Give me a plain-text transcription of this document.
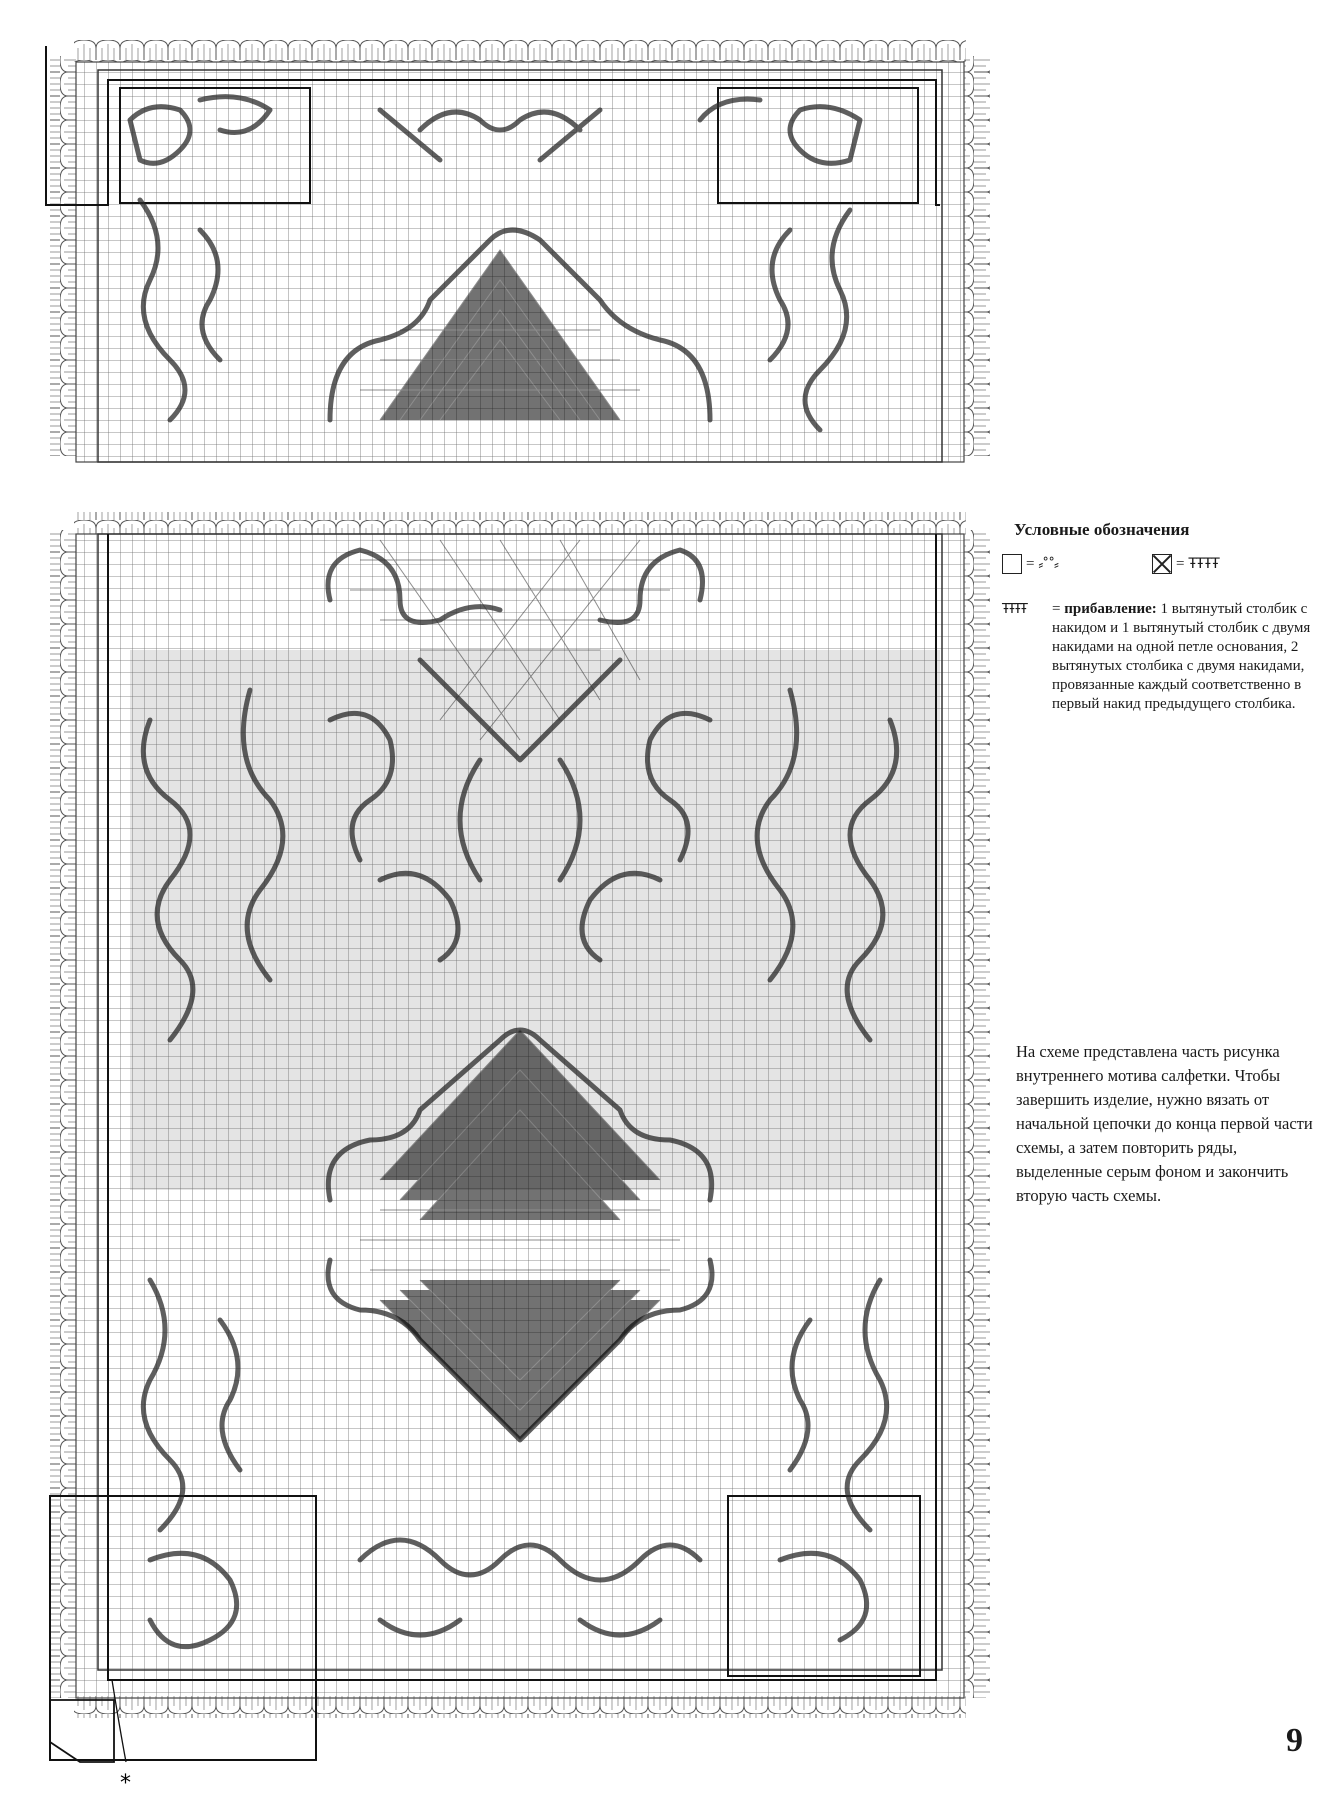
*
Условные обозначения
= ⸗˚˚⸗	= ŦŦŦŦ
ŦŦŦŦ = прибавление: 1 вытянутый столбик с накидом и 1 вытянутый столбик с двумя накидами на одной петле основания, 2 вытянутых столбика с двумя накидами, провязанные каждый соответственно в первый накид предыдущего столбика.
На схеме представлена часть рисунка внутреннего мотива салфетки. Чтобы завершить изделие, нужно вязать от начальной цепочки до конца первой части схемы, а затем повторить ряды, выделенные серым фоном и закончить вторую часть схемы.
9
